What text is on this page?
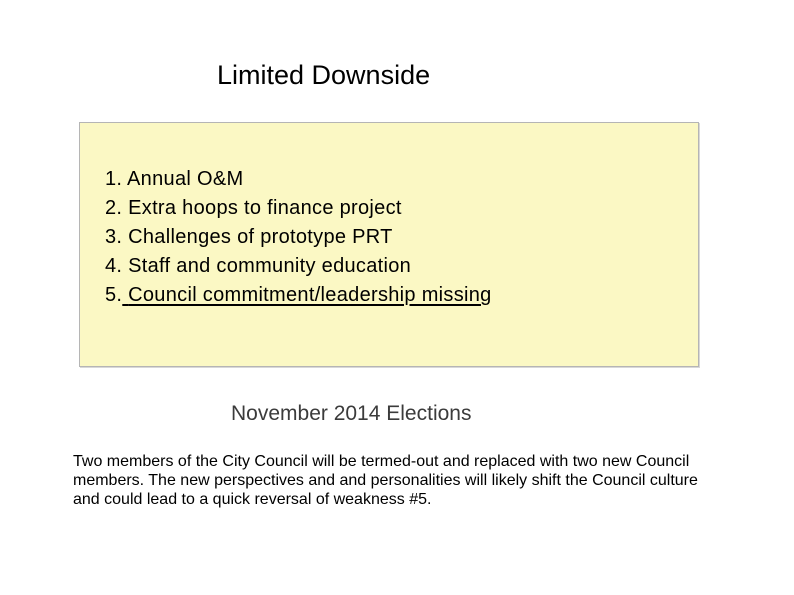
Limited Downside
1. Annual O&M
2. Extra hoops to finance project
3. Challenges of prototype PRT
4. Staff and community education
5. Council commitment/leadership missing
November 2014 Elections

Two members of the City Council will be termed-out and replaced with two new Council members. The new perspectives and and personalities will likely shift the Council culture and could lead to a quick reversal of weakness #5.
